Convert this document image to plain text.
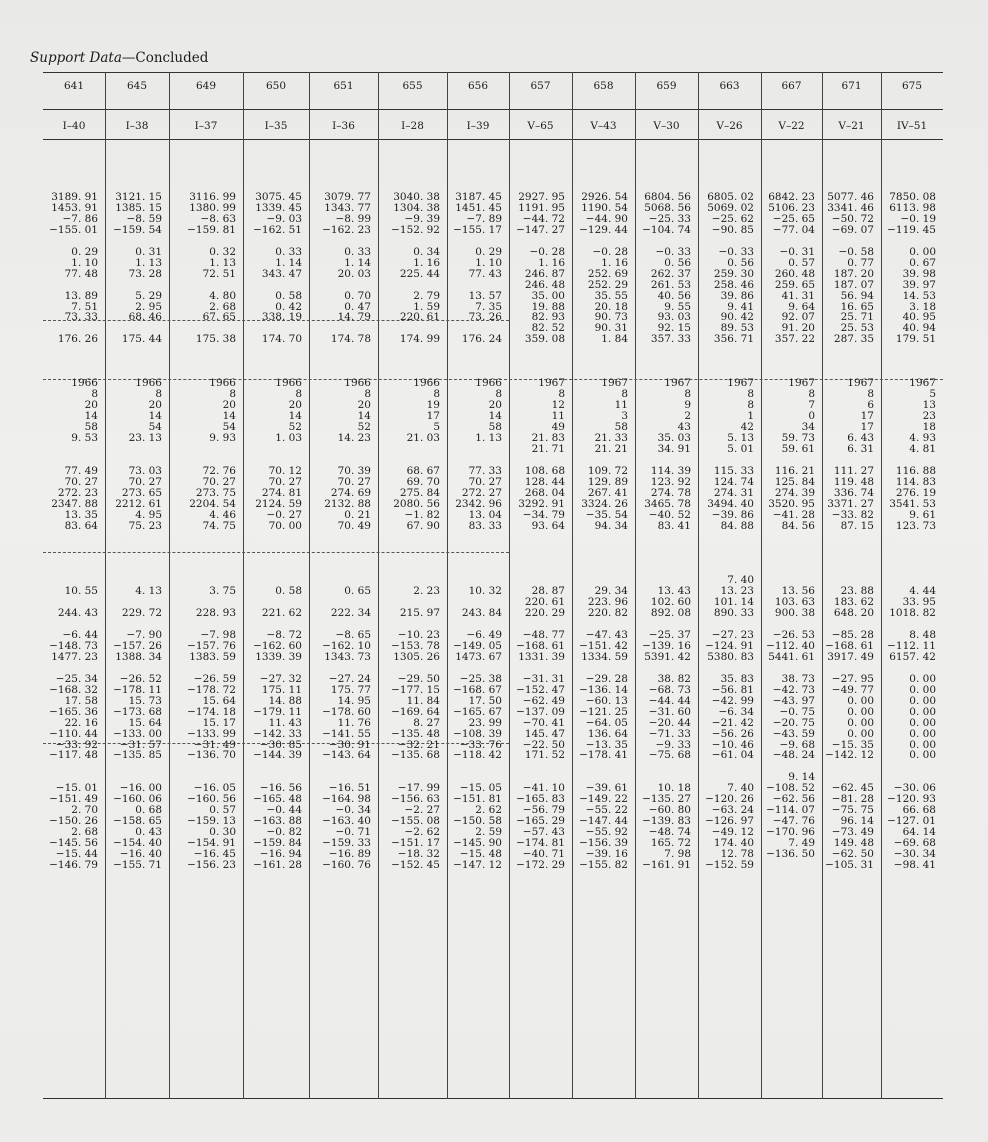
Support Data—Concluded
641
I–40
3189. 91
1453. 91
−7. 86
−155. 01
0. 29
1. 10
77. 48
13. 89
7. 51
73. 33
176. 26
1966
8
20
14
58
9. 53
77. 49
70. 27
272. 23
2347. 88
13. 35
83. 64
10. 55
244. 43
−6. 44
−148. 73
1477. 23
−25. 34
−168. 32
17. 58
−165. 36
22. 16
−110. 44
−33. 92
−117. 48
−15. 01
−151. 49
2. 70
−150. 26
2. 68
−145. 56
−15. 44
−146. 79
645
I–38
3121. 15
1385. 15
−8. 59
−159. 54
0. 31
1. 13
73. 28
5. 29
2. 95
68. 46
175. 44
1966
8
20
14
54
23. 13
73. 03
70. 27
273. 65
2212. 61
4. 95
75. 23
4. 13
229. 72
−7. 90
−157. 26
1388. 34
−26. 52
−178. 11
15. 73
−173. 68
15. 64
−133. 00
−31. 57
−135. 85
−16. 00
−160. 06
0. 68
−158. 65
0. 43
−154. 40
−16. 40
−155. 71
649
I–37
3116. 99
1380. 99
−8. 63
−159. 81
0. 32
1. 13
72. 51
4. 80
2. 68
67. 65
175. 38
1966
8
20
14
54
9. 93
72. 76
70. 27
273. 75
2204. 54
4. 46
74. 75
3. 75
228. 93
−7. 98
−157. 76
1383. 59
−26. 59
−178. 72
15. 64
−174. 18
15. 17
−133. 99
−31. 49
−136. 70
−16. 05
−160. 56
0. 57
−159. 13
0. 30
−154. 91
−16. 45
−156. 23
650
I–35
3075. 45
1339. 45
−9. 03
−162. 51
0. 33
1. 14
343. 47
0. 58
0. 42
338. 19
174. 70
1966
8
20
14
52
1. 03
70. 12
70. 27
274. 81
2124. 59
−0. 27
70. 00
0. 58
221. 62
−8. 72
−162. 60
1339. 39
−27. 32
175. 11
14. 88
−179. 11
11. 43
−142. 33
−30. 85
−144. 39
−16. 56
−165. 48
−0. 44
−163. 88
−0. 82
−159. 84
−16. 94
−161. 28
651
I–36
3079. 77
1343. 77
−8. 99
−162. 23
0. 33
1. 14
20. 03
0. 70
0. 47
14. 79
174. 78
1966
8
20
14
52
14. 23
70. 39
70. 27
274. 69
2132. 88
0. 21
70. 49
0. 65
222. 34
−8. 65
−162. 10
1343. 73
−27. 24
175. 77
14. 95
−178. 60
11. 76
−141. 55
−30. 91
−143. 64
−16. 51
−164. 98
−0. 34
−163. 40
−0. 71
−159. 33
−16. 89
−160. 76
655
I–28
3040. 38
1304. 38
−9. 39
−152. 92
0. 34
1. 16
225. 44
2. 79
1. 59
220. 61
174. 99
1966
8
19
17
5
21. 03
68. 67
69. 70
275. 84
2080. 56
−1. 82
67. 90
2. 23
215. 97
−10. 23
−153. 78
1305. 26
−29. 50
−177. 15
11. 84
−169. 64
8. 27
−135. 48
−32. 21
−135. 68
−17. 99
−156. 63
−2. 27
−155. 08
−2. 62
−151. 17
−18. 32
−152. 45
656
I–39
3187. 45
1451. 45
−7. 89
−155. 17
0. 29
1. 10
77. 43
13. 57
7. 35
73. 26
176. 24
1966
8
20
14
58
1. 13
77. 33
70. 27
272. 27
2342. 96
13. 04
83. 33
10. 32
243. 84
−6. 49
−149. 05
1473. 67
−25. 38
−168. 67
17. 50
−165. 67
23. 99
−108. 39
−33. 76
−118. 42
−15. 05
−151. 81
2. 62
−150. 58
2. 59
−145. 90
−15. 48
−147. 12
657
V–65
2927. 95
1191. 95
−44. 72
−147. 27
−0. 28
1. 16
246. 87
246. 48
35. 00
19. 88
82. 93
82. 52
359. 08
1967
8
12
11
49
21. 83
21. 71
108. 68
128. 44
268. 04
3292. 91
−34. 79
93. 64
28. 87
220. 61
220. 29
−48. 77
−168. 61
1331. 39
−31. 31
−152. 47
−62. 49
−137. 09
−70. 41
145. 47
−22. 50
171. 52
−41. 10
−165. 83
−56. 79
−165. 29
−57. 43
−174. 81
−40. 71
−172. 29
658
V–43
2926. 54
1190. 54
−44. 90
−129. 44
−0. 28
1. 16
252. 69
252. 29
35. 55
20. 18
90. 73
90. 31
1. 84
1967
8
11
3
58
21. 33
21. 21
109. 72
129. 89
267. 41
3324. 26
−35. 54
94. 34
29. 34
223. 96
220. 82
−47. 43
−151. 42
1334. 59
−29. 28
−136. 14
−60. 13
−121. 25
−64. 05
136. 64
−13. 35
−178. 41
−39. 61
−149. 22
−55. 22
−147. 44
−55. 92
−156. 39
−39. 16
−155. 82
659
V–30
6804. 56
5068. 56
−25. 33
−104. 74
−0. 33
0. 56
262. 37
261. 53
40. 56
9. 55
93. 03
92. 15
357. 33
1967
8
9
2
43
35. 03
34. 91
114. 39
123. 92
274. 78
3465. 78
−40. 52
83. 41
13. 43
102. 60
892. 08
−25. 37
−139. 16
5391. 42
38. 82
−68. 73
−44. 44
−31. 60
−20. 44
−71. 33
−9. 33
−75. 68
10. 18
−135. 27
−60. 80
−139. 83
−48. 74
165. 72
7. 98
−161. 91
663
V–26
6805. 02
5069. 02
−25. 62
−90. 85
−0. 33
0. 56
259. 30
258. 46
39. 86
9. 41
90. 42
89. 53
356. 71
1967
8
8
1
42
5. 13
5. 01
115. 33
124. 74
274. 31
3494. 40
−39. 86
84. 88
7. 40
13. 23
101. 14
890. 33
−27. 23
−124. 91
5380. 83
35. 83
−56. 81
−42. 99
−6. 34
−21. 42
−56. 26
−10. 46
−61. 04
7. 40
−120. 26
−63. 24
−126. 97
−49. 12
174. 40
12. 78
−152. 59
667
V–22
6842. 23
5106. 23
−25. 65
−77. 04
−0. 31
0. 57
260. 48
259. 65
41. 31
9. 64
92. 07
91. 20
357. 22
1967
8
7
0
34
59. 73
59. 61
116. 21
125. 84
274. 39
3520. 95
−41. 28
84. 56
13. 56
103. 63
900. 38
−26. 53
−112. 40
5441. 61
38. 73
−42. 73
−43. 97
−0. 75
−20. 75
−43. 59
−9. 68
−48. 24
9. 14
−108. 52
−62. 56
−114. 07
−47. 76
−170. 96
7. 49
−136. 50
671
V–21
5077. 46
3341. 46
−50. 72
−69. 07
−0. 58
0. 77
187. 20
187. 07
56. 94
16. 65
25. 71
25. 53
287. 35
1967
8
6
17
17
6. 43
6. 31
111. 27
119. 48
336. 74
3371. 27
−33. 82
87. 15
23. 88
183. 62
648. 20
−85. 28
−168. 61
3917. 49
−27. 95
−49. 77
0. 00
0. 00
0. 00
0. 00
−15. 35
−142. 12
−62. 45
−81. 28
−75. 75
96. 14
−73. 49
149. 48
−62. 50
−105. 31
675
IV–51
7850. 08
6113. 98
−0. 19
−119. 45
0. 00
0. 67
39. 98
39. 97
14. 53
3. 18
40. 95
40. 94
179. 51
1967
5
13
23
18
4. 93
4. 81
116. 88
114. 83
276. 19
3541. 53
9. 61
123. 73
4. 44
33. 95
1018. 82
8. 48
−112. 11
6157. 42
0. 00
0. 00
0. 00
0. 00
0. 00
0. 00
0. 00
0. 00
−30. 06
−120. 93
66. 68
−127. 01
64. 14
−69. 68
−30. 34
−98. 41
